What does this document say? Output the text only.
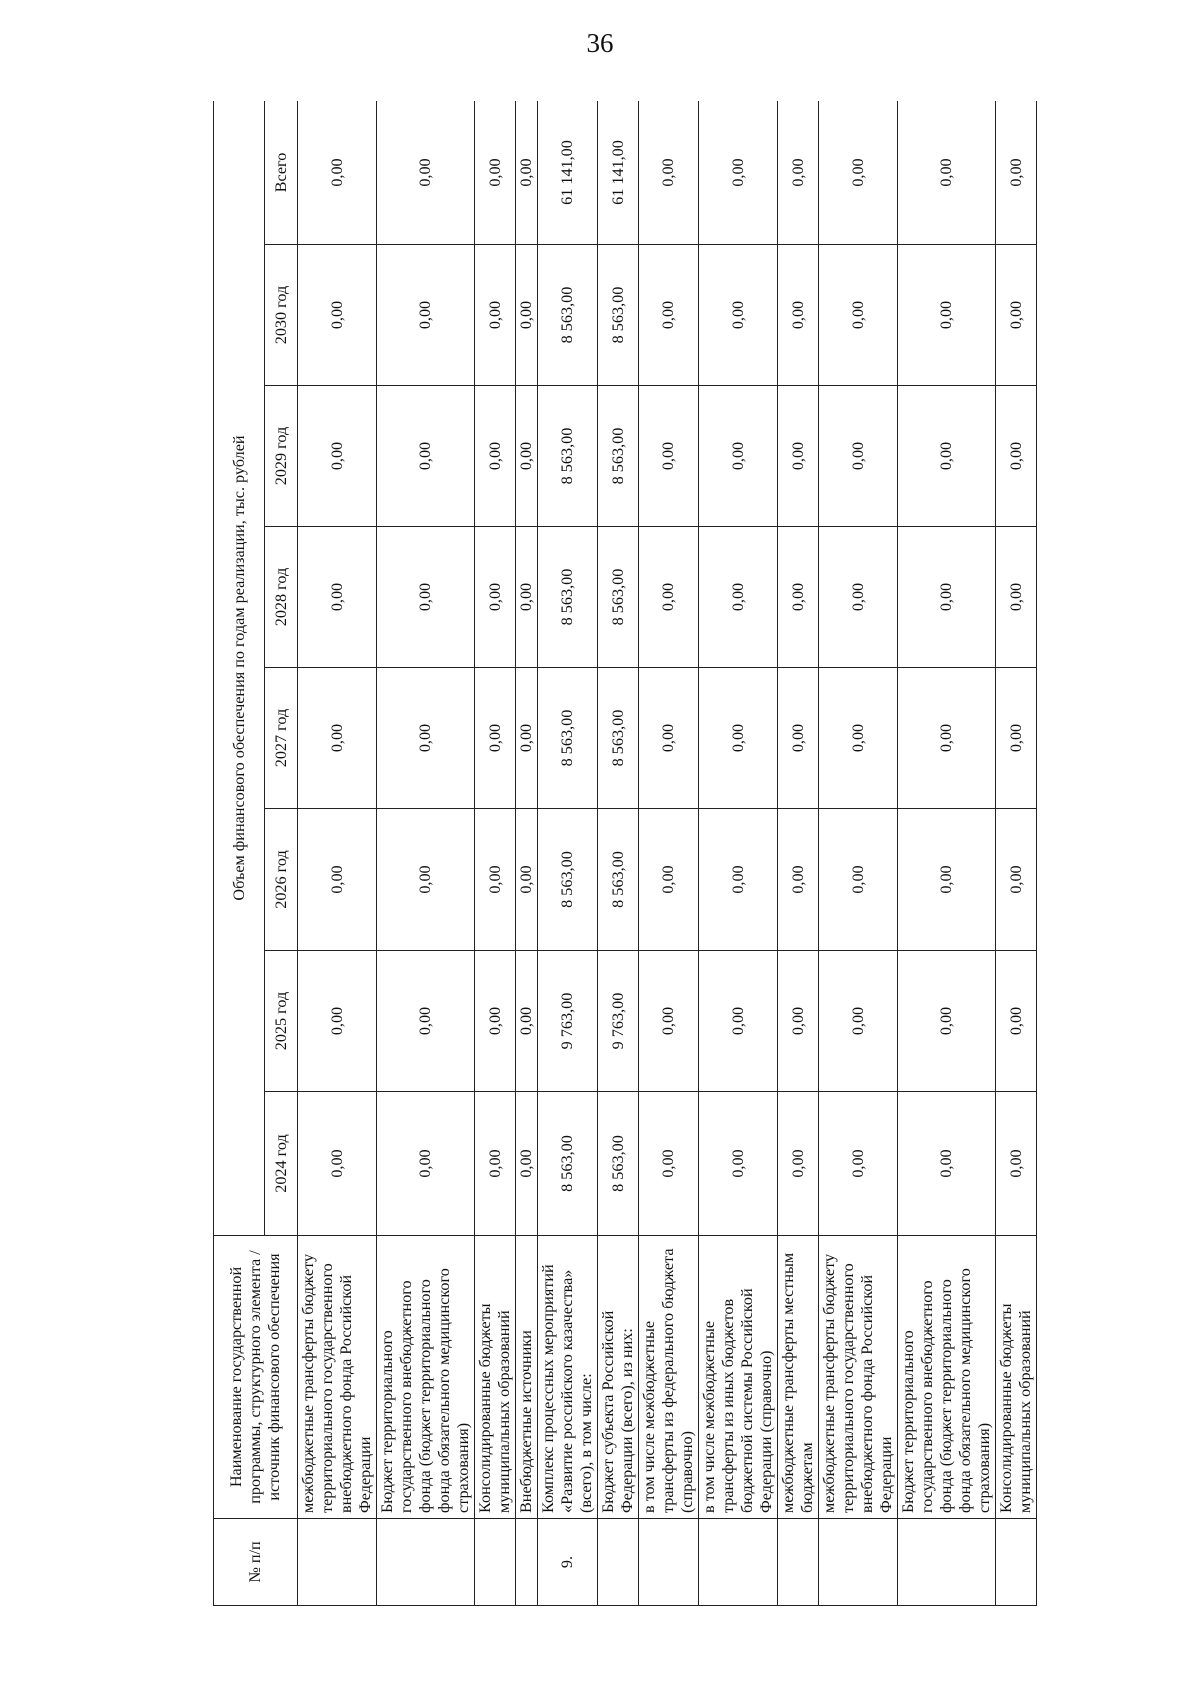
36
№ п/п	Наименование государственной программы, структурного элемента / источник финансового обеспечения	Объем финансового обеспечения по годам реализации, тыс. рублей							
		2024 год	2025 год	2026 год	2027 год	2028 год	2029 год	2030 год	Всего
	межбюджетные трансферты бюджету территориального государственного внебюджетного фонда Российской Федерации	0,00	0,00	0,00	0,00	0,00	0,00	0,00	0,00
	Бюджет территориального государственного внебюджетного фонда (бюджет территориального фонда обязательного медицинского страхования)	0,00	0,00	0,00	0,00	0,00	0,00	0,00	0,00
	Консолидированные бюджеты муниципальных образований	0,00	0,00	0,00	0,00	0,00	0,00	0,00	0,00
	Внебюджетные источники	0,00	0,00	0,00	0,00	0,00	0,00	0,00	0,00
9.	Комплекс процессных мероприятий «Развитие российского казачества» (всего), в том числе:	8 563,00	9 763,00	8 563,00	8 563,00	8 563,00	8 563,00	8 563,00	61 141,00
	Бюджет субъекта Российской Федерации (всего), из них:	8 563,00	9 763,00	8 563,00	8 563,00	8 563,00	8 563,00	8 563,00	61 141,00
	в том числе межбюджетные трансферты из федерального бюджета (справочно)	0,00	0,00	0,00	0,00	0,00	0,00	0,00	0,00
	в том числе межбюджетные трансферты из иных бюджетов бюджетной системы Российской Федерации (справочно)	0,00	0,00	0,00	0,00	0,00	0,00	0,00	0,00
	межбюджетные трансферты местным бюджетам	0,00	0,00	0,00	0,00	0,00	0,00	0,00	0,00
	межбюджетные трансферты бюджету территориального государственного внебюджетного фонда Российской Федерации	0,00	0,00	0,00	0,00	0,00	0,00	0,00	0,00
	Бюджет территориального государственного внебюджетного фонда (бюджет территориального фонда обязательного медицинского страхования)	0,00	0,00	0,00	0,00	0,00	0,00	0,00	0,00
	Консолидированные бюджеты муниципальных образований	0,00	0,00	0,00	0,00	0,00	0,00	0,00	0,00
